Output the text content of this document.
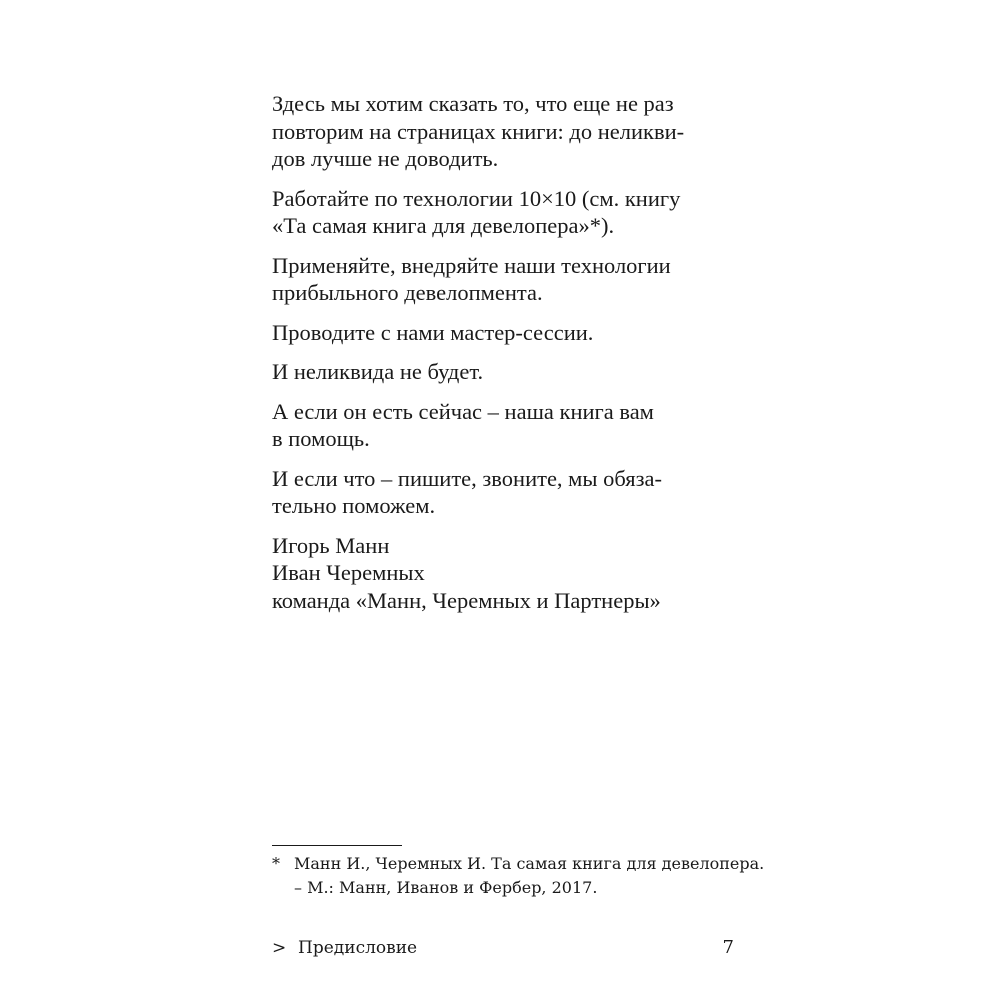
Здесь мы хотим сказать то, что еще не раз
повторим на страницах книги: до неликви-
дов лучше не доводить.

Работайте по технологии 10×10 (см. книгу
«Та самая книга для девелопера»*).

Применяйте, внедряйте наши технологии
прибыльного девелопмента.

Проводите с нами мастер-сессии.

И неликвида не будет.

А если он есть сейчас – наша книга вам
в помощь.

И если что – пишите, звоните, мы обяза-
тельно поможем.

Игорь Манн
Иван Черемных
команда «Манн, Черемных и Партнеры»
* Манн И., Черемных И. Та самая книга для девелопера.
– М.: Манн, Иванов и Фербер, 2017.
> Предисловие	7
